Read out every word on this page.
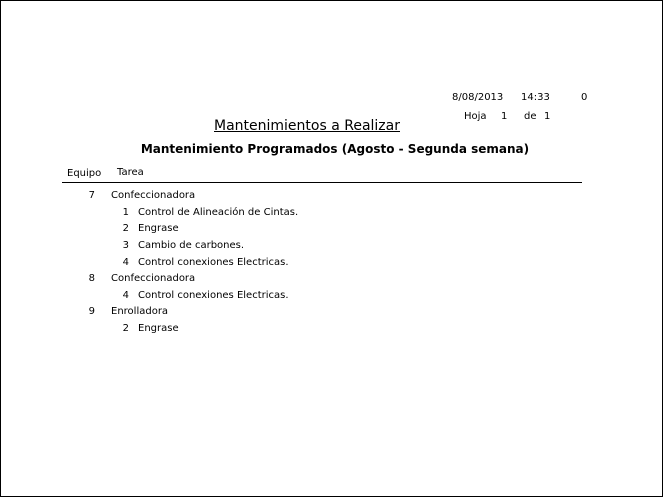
8/08/2013 14:33	0
Hoja 1 de 1
Mantenimientos a Realizar
Mantenimiento Programados (Agosto - Segunda semana)
Equipo Tarea
7 Confeccionadora
1 Control de Alineación de Cintas.
2 Engrase
3 Cambio de carbones.
4 Control conexiones Electricas.
8 Confeccionadora
4 Control conexiones Electricas.
9 Enrolladora
2 Engrase
